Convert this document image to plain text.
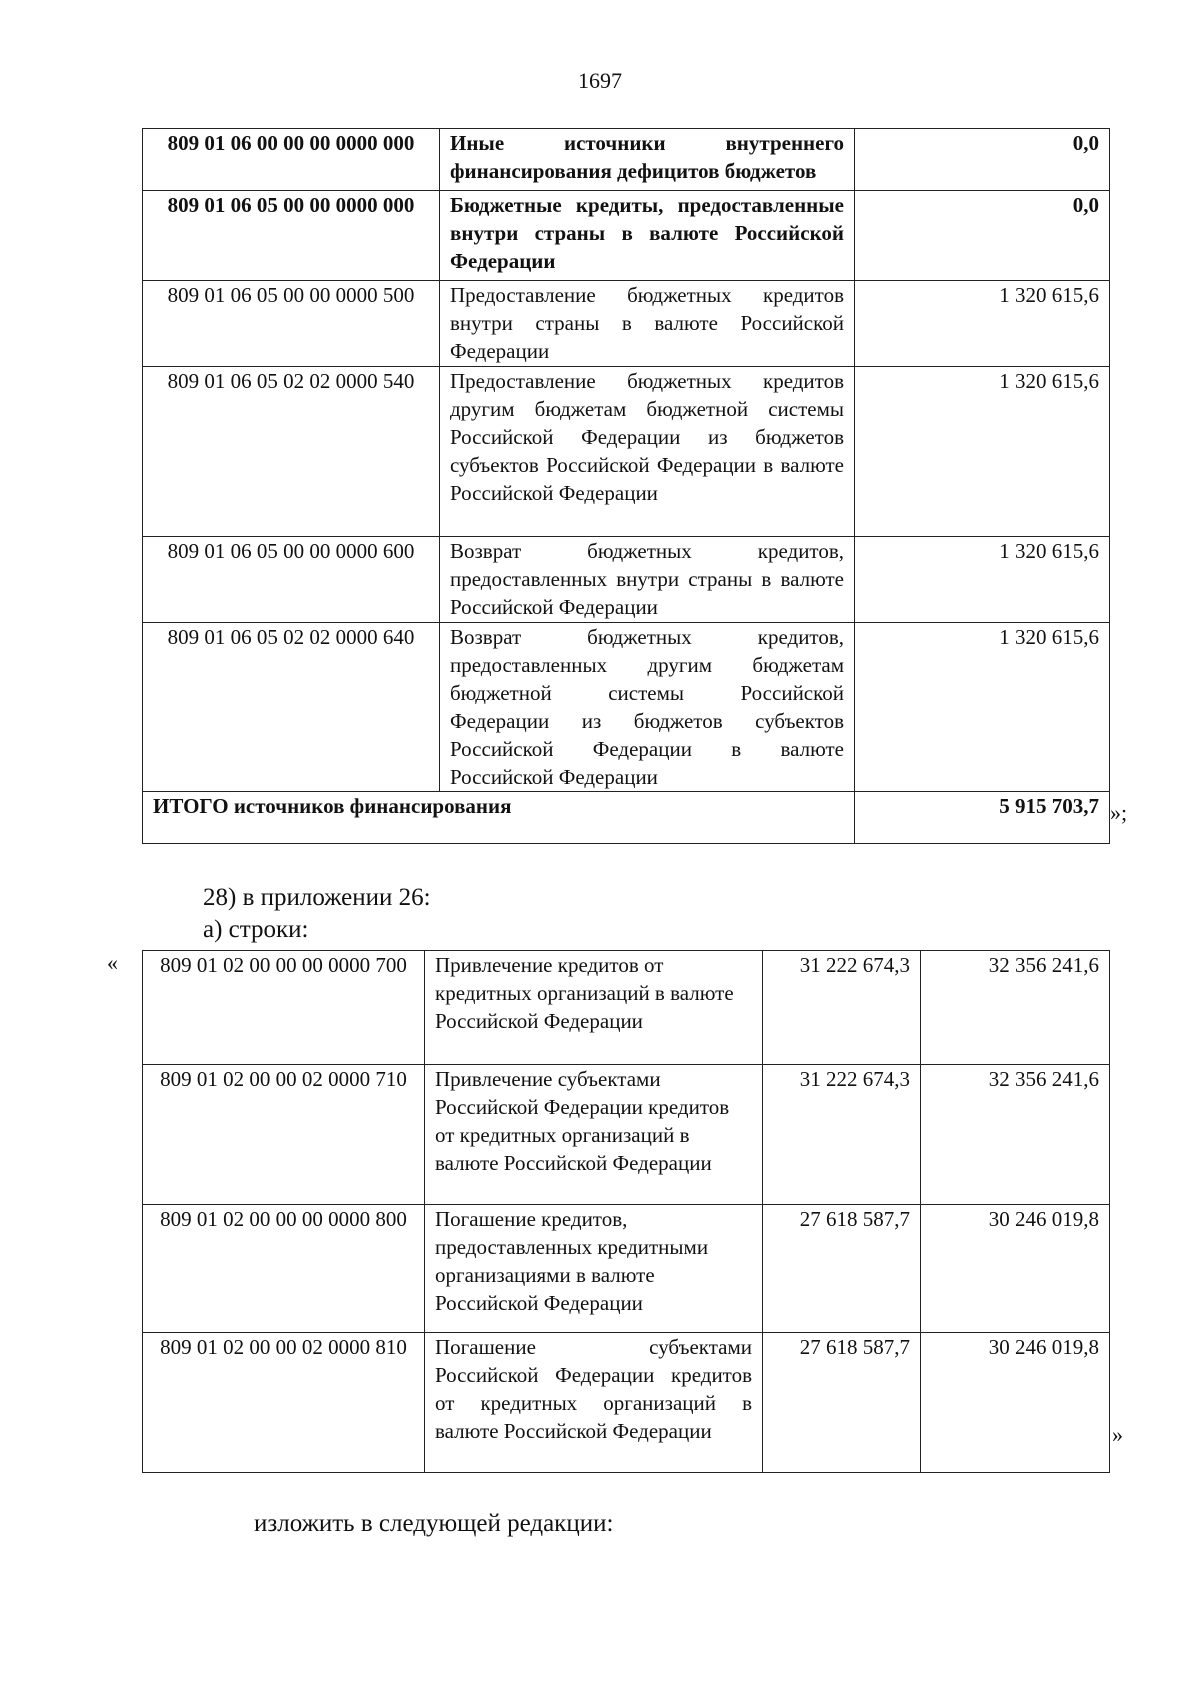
1697
809 01 06 00 00 00 0000 000	Иные источники внутреннего финансирования дефицитов бюджетов	0,0
809 01 06 05 00 00 0000 000	Бюджетные кредиты, предоставленные внутри страны в валюте Российской Федерации	0,0
809 01 06 05 00 00 0000 500	Предоставление бюджетных кредитов внутри страны в валюте Российской Федерации	1 320 615,6
809 01 06 05 02 02 0000 540	Предоставление бюджетных кредитов другим бюджетам бюджетной системы Российской Федерации из бюджетов субъектов Российской Федерации в валюте Российской Федерации	1 320 615,6
809 01 06 05 00 00 0000 600	Возврат бюджетных кредитов, предоставленных внутри страны в валюте Российской Федерации	1 320 615,6
809 01 06 05 02 02 0000 640	Возврат бюджетных кредитов, предоставленных другим бюджетам бюджетной системы Российской Федерации из бюджетов субъектов Российской Федерации в валюте Российской Федерации	1 320 615,6
ИТОГО источников финансирования		5 915 703,7 »;
28) в приложении 26:
а) строки:
« 809 01 02 00 00 00 0000 700	Привлечение кредитов от кредитных организаций в валюте Российской Федерации	31 222 674,3	32 356 241,6
809 01 02 00 00 02 0000 710	Привлечение субъектами Российской Федерации кредитов от кредитных организаций в валюте Российской Федерации	31 222 674,3	32 356 241,6
809 01 02 00 00 00 0000 800	Погашение кредитов, предоставленных кредитными организациями в валюте Российской Федерации	27 618 587,7	30 246 019,8
809 01 02 00 00 02 0000 810	Погашение субъектами Российской Федерации кредитов от кредитных организаций в валюте Российской Федерации	27 618 587,7	30 246 019,8
»
изложить в следующей редакции:
